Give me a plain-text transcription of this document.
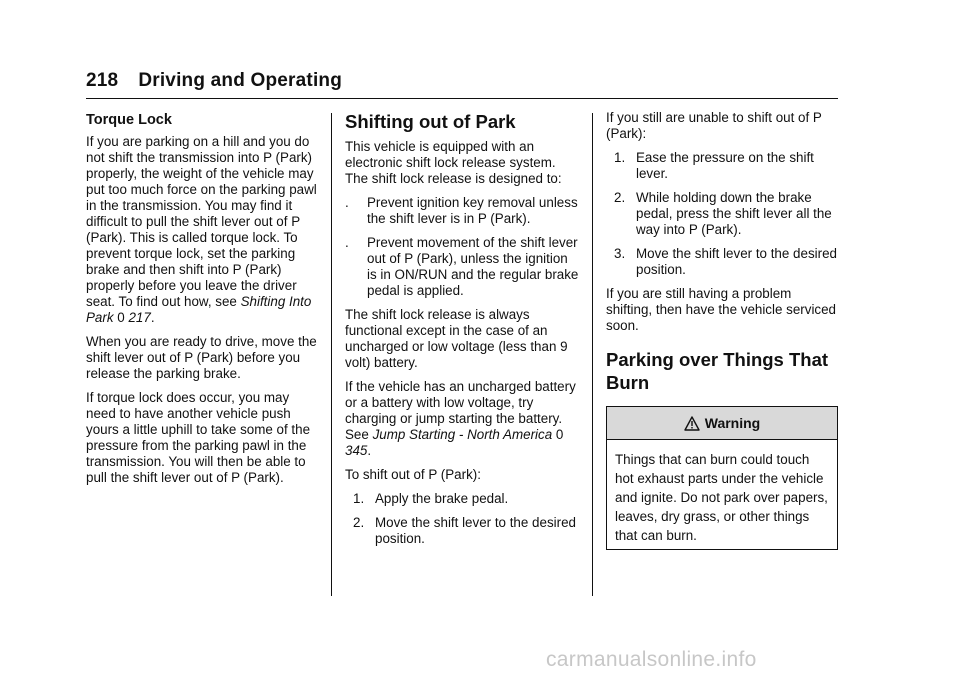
218 Driving and Operating
Torque Lock

If you are parking on a hill and you do not shift the transmission into P (Park) properly, the weight of the vehicle may put too much force on the parking pawl in the transmission. You may find it difficult to pull the shift lever out of P (Park). This is called torque lock. To prevent torque lock, set the parking brake and then shift into P (Park) properly before you leave the driver seat. To find out how, see Shifting Into Park 0 217.

When you are ready to drive, move the shift lever out of P (Park) before you release the parking brake.

If torque lock does occur, you may need to have another vehicle push yours a little uphill to take some of the pressure from the parking pawl in the transmission. You will then be able to pull the shift lever out of P (Park).

Shifting out of Park

This vehicle is equipped with an electronic shift lock release system. The shift lock release is designed to:

.	Prevent ignition key removal unless the shift lever is in P (Park).
.	Prevent movement of the shift lever out of P (Park), unless the ignition is in ON/RUN and the regular brake pedal is applied.

The shift lock release is always functional except in the case of an uncharged or low voltage (less than 9 volt) battery.

If the vehicle has an uncharged battery or a battery with low voltage, try charging or jump starting the battery. See Jump Starting - North America 0 345.

To shift out of P (Park):

1. Apply the brake pedal.
2. Move the shift lever to the desired position.

If you still are unable to shift out of P (Park):

1. Ease the pressure on the shift lever.
2. While holding down the brake pedal, press the shift lever all the way into P (Park).
3. Move the shift lever to the desired position.

If you are still having a problem shifting, then have the vehicle serviced soon.

Parking over Things That Burn
Warning
Things that can burn could touch hot exhaust parts under the vehicle and ignite. Do not park over papers, leaves, dry grass, or other things that can burn.
carmanualsonline.info
